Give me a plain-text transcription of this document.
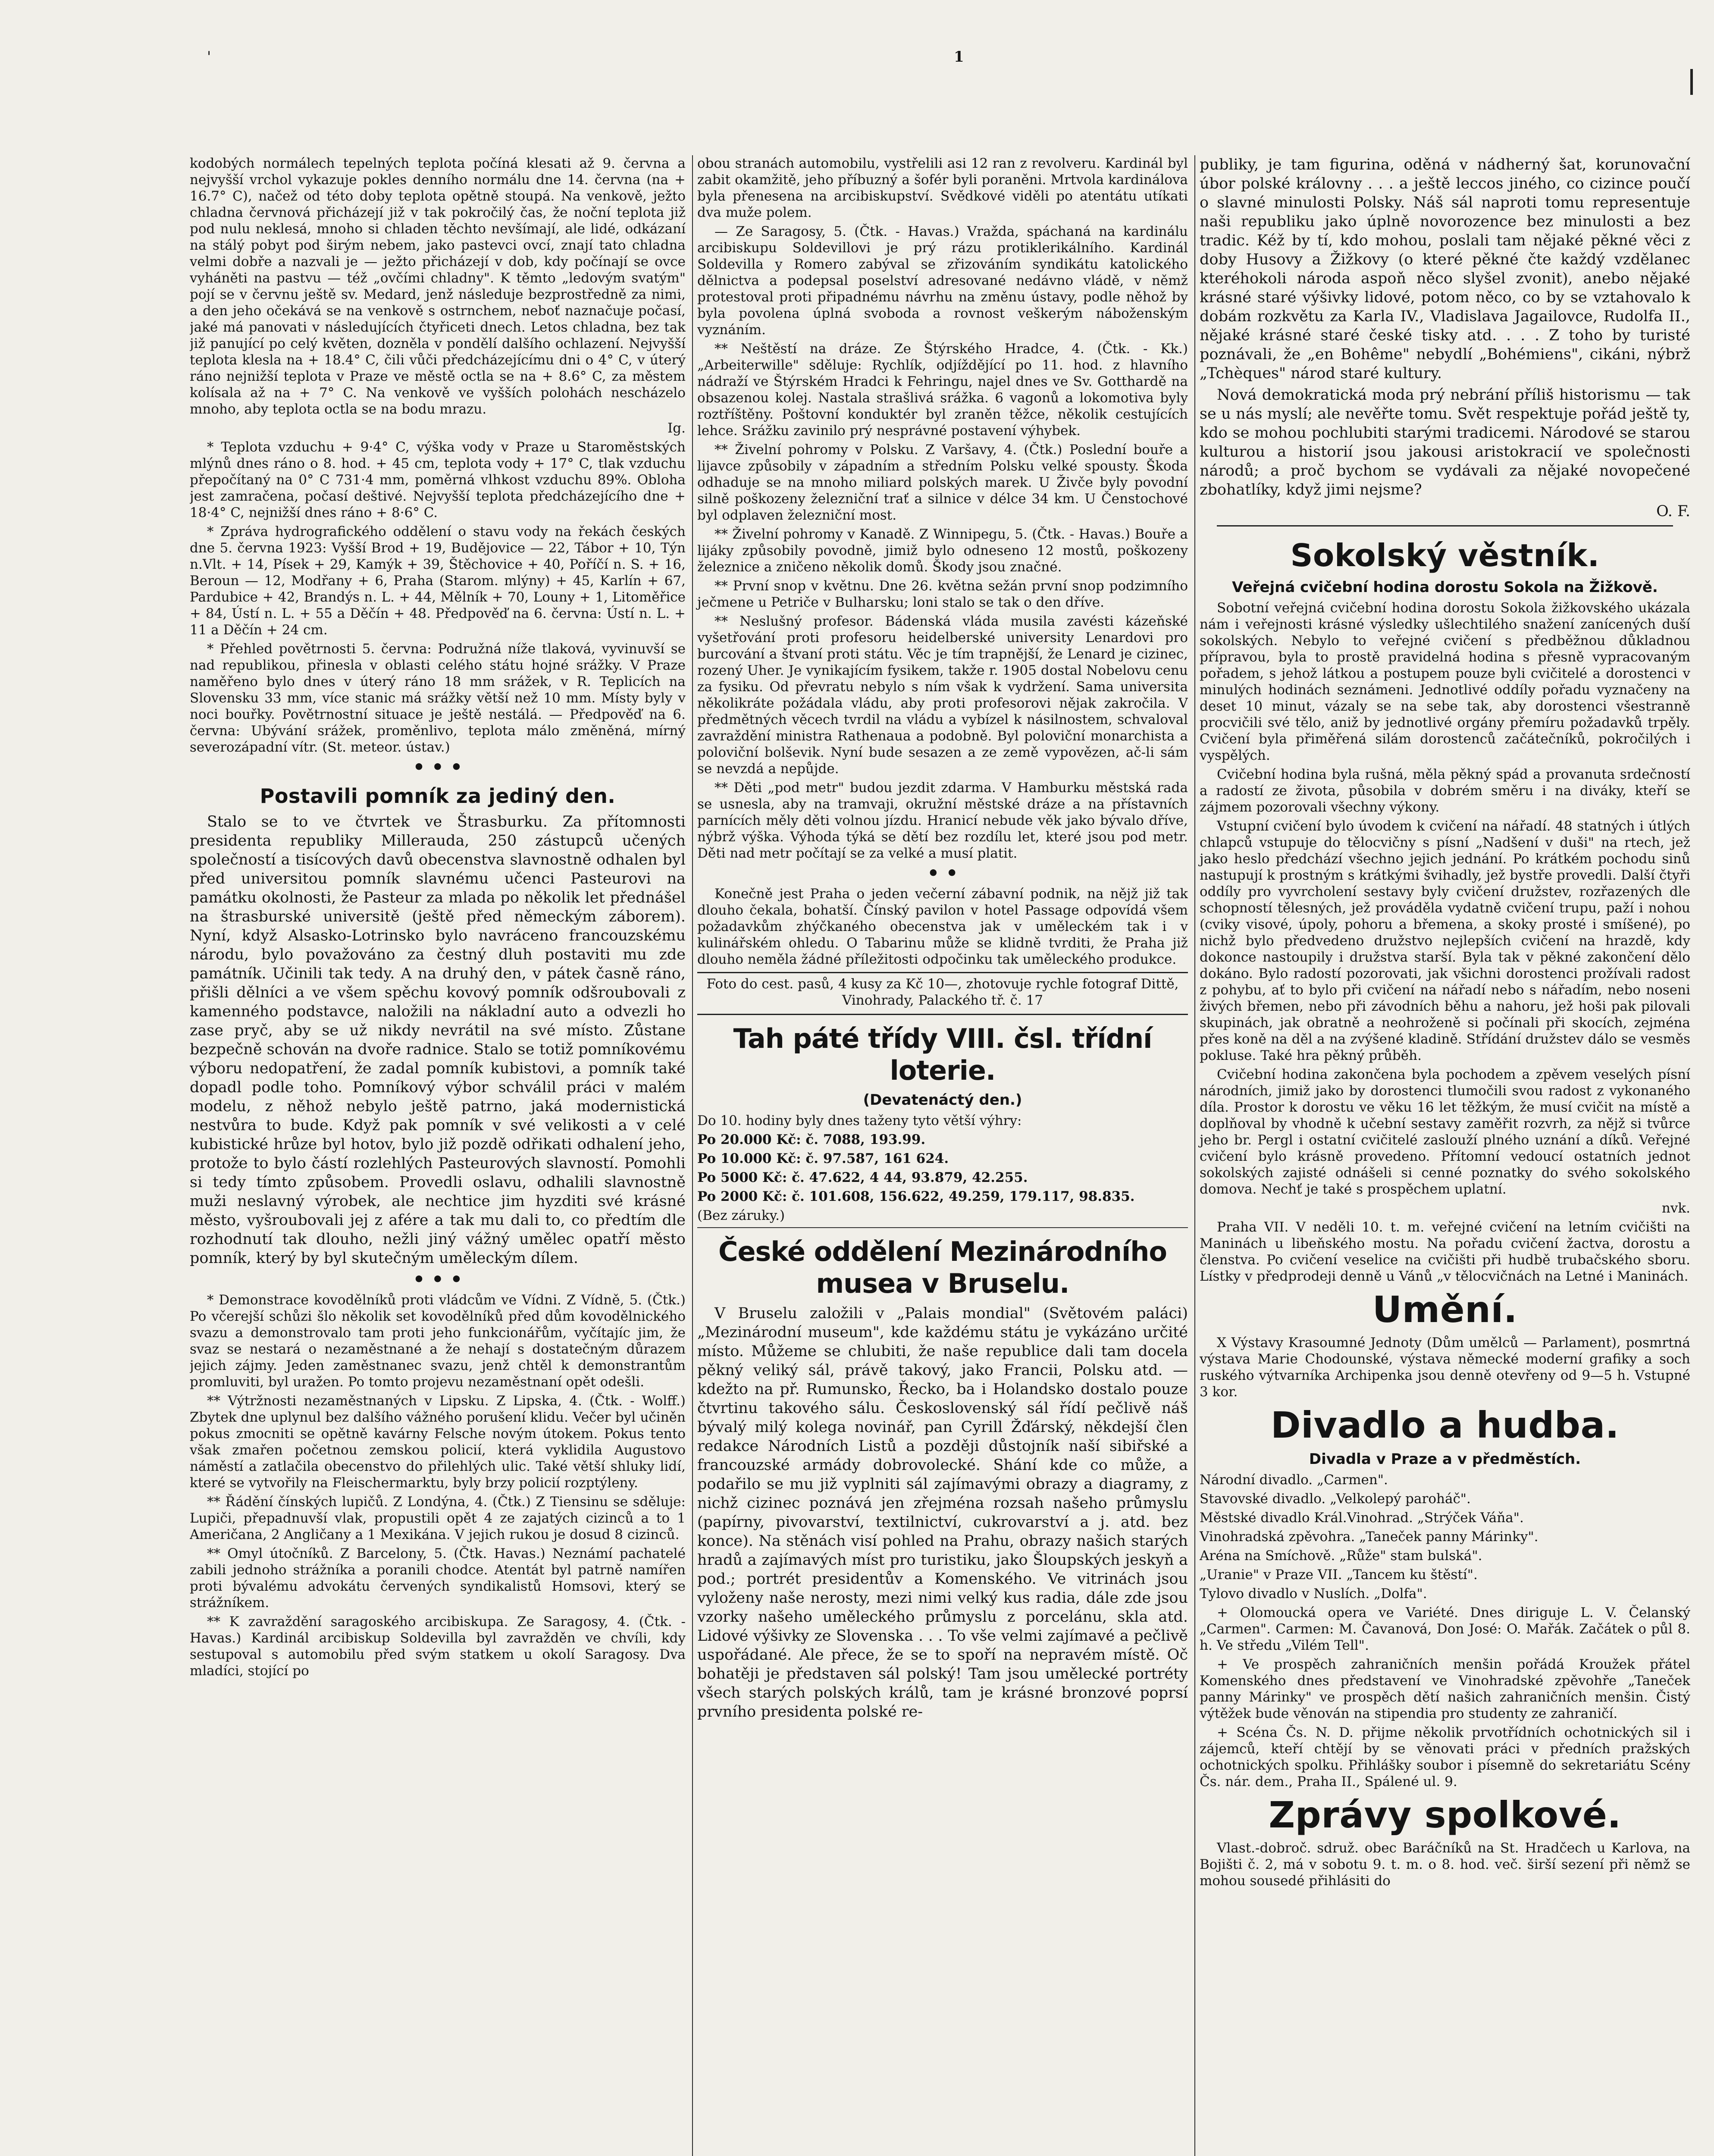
'	1

kodobých normálech tepelných teplota počíná klesati až 9. června a nejvyšší vrchol vykazuje pokles denního normálu dne 14. června (na + 16.7° C), načež od této doby teplota opětně stoupá. Na venkově, ježto chladna červnová přicházejí již v tak pokročilý čas, že noční teplota již pod nulu neklesá, mnoho si chladen těchto nevšímají, ale lidé, odkázaní na stálý pobyt pod širým nebem, jako pastevci ovcí, znají tato chladna velmi dobře a nazvali je — ježto přicházejí v dob, kdy počínají se ovce vyháněti na pastvu — též „ovčími chladny". K těmto „ledovým svatým" pojí se v červnu ještě sv. Medard, jenž následuje bezprostředně za nimi, a den jeho očekává se na venkově s ostrnchem, neboť naznačuje počasí, jaké má panovati v následujících čtyřiceti dnech. Letos chladna, bez tak již panující po celý květen, dozněla v pondělí dalšího ochlazení. Nejvyšší teplota klesla na + 18.4° C, čili vůči předcházejícímu dni o 4° C, v úterý ráno nejnižší teplota v Praze ve městě octla se na + 8.6° C, za městem kolísala až na + 7° C. Na venkově ve vyšších polohách nescházelo mnoho, aby teplota octla se na bodu mrazu.

Ig.

* Teplota vzduchu + 9·4° C, výška vody v Praze u Staroměstských mlýnů dnes ráno o 8. hod. + 45 cm, teplota vody + 17° C, tlak vzduchu přepočítaný na 0° C 731·4 mm, poměrná vlhkost vzduchu 89%. Obloha jest zamračena, počasí deštivé. Nejvyšší teplota předcházejícího dne + 18·4° C, nejnižší dnes ráno + 8·6° C.

* Zpráva hydrografického oddělení o stavu vody na řekách českých dne 5. června 1923: Vyšší Brod + 19, Budějovice — 22, Tábor + 10, Týn n.Vlt. + 14, Písek + 29, Kamýk + 39, Štěchovice + 40, Poříčí n. S. + 16, Beroun — 12, Modřany + 6, Praha (Starom. mlýny) + 45, Karlín + 67, Pardubice + 42, Brandýs n. L. + 44, Mělník + 70, Louny + 1, Litoměřice + 84, Ústí n. L. + 55 a Děčín + 48. Předpověď na 6. června: Ústí n. L. + 11 a Děčín + 24 cm.

* Přehled povětrnosti 5. června: Podružná níže tlaková, vyvinuvší se nad republikou, přinesla v oblasti celého státu hojné srážky. V Praze naměřeno bylo dnes v úterý ráno 18 mm srážek, v R. Teplicích na Slovensku 33 mm, více stanic má srážky větší než 10 mm. Místy byly v noci bouřky. Povětrnostní situace je ještě nestálá. — Předpověď na 6. června: Ubývání srážek, proměnlivo, teplota málo změněná, mírný severozápadní vítr. (St. meteor. ústav.)

• • •
Postavili pomník za jediný den.

Stalo se to ve čtvrtek ve Štrasburku. Za přítomnosti presidenta republiky Millerauda, 250 zástupců učených společností a tisícových davů obecenstva slavnostně odhalen byl před universitou pomník slavnému učenci Pasteurovi na památku okolnosti, že Pasteur za mlada po několik let přednášel na štrasburské universitě (ještě před německým záborem). Nyní, když Alsasko-Lotrinsko bylo navráceno francouzskému národu, bylo považováno za čestný dluh postaviti mu zde památník. Učinili tak tedy. A na druhý den, v pátek časně ráno, přišli dělníci a ve všem spěchu kovový pomník odšroubovali z kamenného podstavce, naložili na nákladní auto a odvezli ho zase pryč, aby se už nikdy nevrátil na své místo. Zůstane bezpečně schován na dvoře radnice. Stalo se totiž pomníkovému výboru nedopatření, že zadal pomník kubistovi, a pomník také dopadl podle toho. Pomníkový výbor schválil práci v malém modelu, z něhož nebylo ještě patrno, jaká modernistická nestvůra to bude. Když pak pomník v své velikosti a v celé kubistické hrůze byl hotov, bylo již pozdě odřikati odhalení jeho, protože to bylo částí rozlehlých Pasteurových slavností. Pomohli si tedy tímto způsobem. Provedli oslavu, odhalili slavnostně muži neslavný výrobek, ale nechtice jim hyzditi své krásné město, vyšroubovali jej z afére a tak mu dali to, co předtím dle rozhodnutí tak dlouho, nežli jiný vážný umělec opatří město pomník, který by byl skutečným uměleckým dílem.

• • •

* Demonstrace kovodělníků proti vládcům ve Vídni. Z Vídně, 5. (Čtk.) Po včerejší schůzi šlo několik set kovodělníků před dům kovodělnického svazu a demonstrovalo tam proti jeho funkcionářům, vyčítajíc jim, že svaz se nestará o nezaměstnané a že nehají s dostatečným důrazem jejich zájmy. Jeden zaměstnanec svazu, jenž chtěl k demonstrantům promluviti, byl uražen. Po tomto projevu nezaměstnaní opět odešli.

** Výtržnosti nezaměstnaných v Lipsku. Z Lipska, 4. (Čtk. - Wolff.) Zbytek dne uplynul bez dalšího vážného porušení klidu. Večer byl učiněn pokus zmocniti se opětně kavárny Felsche novým útokem. Pokus tento však zmařen početnou zemskou policií, která vyklidila Augustovo náměstí a zatlačila obecenstvo do přilehlých ulic. Také větší shluky lidí, které se vytvořily na Fleischermarktu, byly brzy policií rozptýleny.

** Řádění čínských lupičů. Z Londýna, 4. (Čtk.) Z Tiensinu se sděluje: Lupiči, přepadnuvší vlak, propustili opět 4 ze zajatých cizinců a to 1 Američana, 2 Angličany a 1 Mexikána. V jejich rukou je dosud 8 cizinců.

** Omyl útočníků. Z Barcelony, 5. (Čtk. Havas.) Neznámí pachatelé zabili jednoho strážníka a poranili chodce. Atentát byl patrně namířen proti bývalému advokátu červených syndikalistů Homsovi, který se strážníkem.

** K zavraždění saragoského arcibiskupa. Ze Saragosy, 4. (Čtk. - Havas.) Kardinál arcibiskup Soldevilla byl zavražděn ve chvíli, kdy sestupoval s automobilu před svým statkem u okolí Saragosy. Dva mladíci, stojící po

obou stranách automobilu, vystřelili asi 12 ran z revolveru. Kardinál byl zabit okamžitě, jeho příbuzný a šofér byli poraněni. Mrtvola kardinálova byla přenesena na arcibiskupství. Svědkové viděli po atentátu utíkati dva muže polem.

— Ze Saragosy, 5. (Čtk. - Havas.) Vražda, spáchaná na kardinálu arcibiskupu Soldevillovi je prý rázu protiklerikálního. Kardinál Soldevilla y Romero zabýval se zřizováním syndikátu katolického dělnictva a podepsal poselství adresované nedávno vládě, v němž protestoval proti připadnému návrhu na změnu ústavy, podle něhož by byla povolena úplná svoboda a rovnost veškerým náboženským vyznáním.

** Neštěstí na dráze. Ze Štýrského Hradce, 4. (Čtk. - Kk.) „Arbeiterwille" sděluje: Rychlík, odjíždějící po 11. hod. z hlavního nádraží ve Štýrském Hradci k Fehringu, najel dnes ve Sv. Gotthardě na obsazenou kolej. Nastala strašlivá srážka. 6 vagonů a lokomotiva byly roztříštěny. Poštovní konduktér byl zraněn těžce, několik cestujících lehce. Srážku zavinilo prý nesprávné postavení výhybek.

** Živelní pohromy v Polsku. Z Varšavy, 4. (Čtk.) Poslední bouře a lijavce způsobily v západním a středním Polsku velké spousty. Škoda odhaduje se na mnoho miliard polských marek. U Živče byly povodní silně poškozeny železniční trať a silnice v délce 34 km. U Čenstochové byl odplaven železniční most.

** Živelní pohromy v Kanadě. Z Winnipegu, 5. (Čtk. - Havas.) Bouře a lijáky způsobily povodně, jimiž bylo odneseno 12 mostů, poškozeny železnice a zničeno několik domů. Škody jsou značné.

** První snop v květnu. Dne 26. května sežán první snop podzimního ječmene u Petriče v Bulharsku; loni stalo se tak o den dříve.

** Neslušný profesor. Bádenská vláda musila zavésti kázeňské vyšetřování proti profesoru heidelberské university Lenardovi pro burcování a štvaní proti státu. Věc je tím trapnější, že Lenard je cizinec, rozený Uher. Je vynikajícím fysikem, takže r. 1905 dostal Nobelovu cenu za fysiku. Od převratu nebylo s ním však k vydržení. Sama universita několikráte požádala vládu, aby proti profesorovi nějak zakročila. V předmětných věcech tvrdil na vládu a vybízel k násilnostem, schvaloval zavraždění ministra Rathenaua a podobně. Byl poloviční monarchista a poloviční bolševik. Nyní bude sesazen a ze země vypovězen, ač-li sám se nevzdá a nepůjde.

** Děti „pod metr" budou jezdit zdarma. V Hamburku městská rada se usnesla, aby na tramvaji, okružní městské dráze a na přístavních parnících měly děti volnou jízdu. Hranicí nebude věk jako bývalo dříve, nýbrž výška. Výhoda týká se dětí bez rozdílu let, které jsou pod metr. Děti nad metr počítají se za velké a musí platit.

• •

Konečně jest Praha o jeden večerní zábavní podnik, na nějž již tak dlouho čekala, bohatší. Čínský pavilon v hotel Passage odpovídá všem požadavkům zhýčkaného obecenstva jak v uměleckém tak i v kulinářském ohledu. O Tabarinu může se klidně tvrditi, že Praha již dlouho neměla žádné příležitosti odpočinku tak uměleckého produkce.

Foto do cest. pasů, 4 kusy za Kč 10—, zhotovuje rychle fotograf Dittě, Vinohrady, Palackého tř. č. 17

Tah páté třídy VIII. čsl. třídní loterie.
(Devatenáctý den.)

Do 10. hodiny byly dnes taženy tyto větší výhry:

Po 20.000 Kč: č. 7088, 193.99.

Po 10.000 Kč: č. 97.587, 161 624.

Po 5000 Kč: č. 47.622, 4 44, 93.879, 42.255.

Po 2000 Kč: č. 101.608, 156.622, 49.259, 179.117, 98.835.

(Bez záruky.)

České oddělení Mezinárodního musea v Bruselu.

V Bruselu založili v „Palais mondial" (Světovém paláci) „Mezinárodní museum", kde každému státu je vykázáno určité místo. Můžeme se chlubiti, že naše republice dali tam docela pěkný veliký sál, právě takový, jako Francii, Polsku atd. — kdežto na př. Rumunsko, Řecko, ba i Holandsko dostalo pouze čtvrtinu takového sálu. Československý sál řídí pečlivě náš bývalý milý kolega novinář, pan Cyrill Žďárský, někdejší člen redakce Národních Listů a později důstojník naší sibiřské a francouzské armády dobrovolecké. Shání kde co může, a podařilo se mu již vyplniti sál zajímavými obrazy a diagramy, z nichž cizinec poznává jen zřejména rozsah našeho průmyslu (papírny, pivovarství, textilnictví, cukrovarství a j. atd. bez konce). Na stěnách visí pohled na Prahu, obrazy našich starých hradů a zajímavých míst pro turistiku, jako Šloupských jeskyň a pod.; portrét presidentův a Komenského. Ve vitrinách jsou vyloženy naše nerosty, mezi nimi velký kus radia, dále zde jsou vzorky našeho uměleckého průmyslu z porcelánu, skla atd. Lidové výšivky ze Slovenska . . . To vše velmi zajímavé a pečlivě uspořádané. Ale přece, že se to spoří na nepravém místě. Oč bohatěji je představen sál polský! Tam jsou umělecké portréty všech starých polských králů, tam je krásné bronzové poprsí prvního presidenta polské re-

publiky, je tam figurina, oděná v nádherný šat, korunovační úbor polské královny . . . a ještě leccos jiného, co cizince poučí o slavné minulosti Polsky. Náš sál naproti tomu representuje naši republiku jako úplně novorozence bez minulosti a bez tradic. Kéž by tí, kdo mohou, poslali tam nějaké pěkné věci z doby Husovy a Žižkovy (o které pěkné čte každý vzdělanec kteréhokoli národa aspoň něco slyšel zvonit), anebo nějaké krásné staré výšivky lidové, potom něco, co by se vztahovalo k dobám rozkvětu za Karla IV., Vladislava Jagailovce, Rudolfa II., nějaké krásné staré české tisky atd. . . . Z toho by turisté poznávali, že „en Bohême" nebydlí „Bohémiens", cikáni, nýbrž „Tchèques" národ staré kultury.

Nová demokratická moda prý nebrání příliš historismu — tak se u nás myslí; ale nevěřte tomu. Svět respektuje pořád ještě ty, kdo se mohou pochlubiti starými tradicemi. Národové se starou kulturou a historií jsou jakousi aristokracií ve společnosti národů; a proč bychom se vydávali za nějaké novopečené zbohatlíky, když jimi nejsme?

O. F.

Sokolský věstník.
Veřejná cvičební hodina dorostu Sokola na Žižkově.

Sobotní veřejná cvičební hodina dorostu Sokola žižkovského ukázala nám i veřejnosti krásné výsledky ušlechtilého snažení zanícených duší sokolských. Nebylo to veřejné cvičení s předběžnou důkladnou přípravou, byla to prostě pravidelná hodina s přesně vypracovaným pořadem, s jehož látkou a postupem pouze byli cvičitelé a dorostenci v minulých hodinách seznámeni. Jednotlivé oddíly pořadu vyznačeny na deset 10 minut, vázaly se na sebe tak, aby dorostenci všestranně procvičili své tělo, aniž by jednotlivé orgány přemíru požadavků trpěly. Cvičení byla přiměřená silám dorostenců začátečníků, pokročilých i vyspělých.

Cvičební hodina byla rušná, měla pěkný spád a provanuta srdečností a radostí ze života, působila v dobrém směru i na diváky, kteří se zájmem pozorovali všechny výkony.

Vstupní cvičení bylo úvodem k cvičení na nářadí. 48 statných i útlých chlapců vstupuje do tělocvičny s písní „Nadšení v duši" na rtech, jež jako heslo předchází všechno jejich jednání. Po krátkém pochodu sinů nastupují k prostným s krátkými švihadly, jež bystře provedli. Další čtyři oddíly pro vyvrcholení sestavy byly cvičení družstev, rozřazených dle schopností tělesných, jež prováděla vydatně cvičení trupu, paží i nohou (cviky visové, úpoly, pohoru a břemena, a skoky prosté i smíšené), po nichž bylo předvedeno družstvo nejlepších cvičení na hrazdě, kdy dokonce nastoupily i družstva starší. Byla tak v pěkné zakončení dělo dokáno. Bylo radostí pozorovati, jak všichni dorostenci prožívali radost z pohybu, ať to bylo při cvičení na nářadí nebo s nářadím, nebo noseni živých břemen, nebo při závodních běhu a nahoru, jež hoši pak pilovali skupinách, jak obratně a neohroženě si počínali při skocích, zejména přes koně na děl a na zvýšené kladině. Střídání družstev dálo se vesměs pokluse. Také hra pěkný průběh.

Cvičební hodina zakončena byla pochodem a zpěvem veselých písní národních, jimiž jako by dorostenci tlumočili svou radost z vykonaného díla. Prostor k dorostu ve věku 16 let těžkým, že musí cvičit na místě a doplňoval by vhodně k učební sestavy zaměřit rozvrh, za nějž si tvůrce jeho br. Pergl i ostatní cvičitelé zaslouží plného uznání a díků. Veřejné cvičení bylo krásně provedeno. Přítomní vedoucí ostatních jednot sokolských zajisté odnášeli si cenné poznatky do svého sokolského domova. Nechť je také s prospěchem uplatní.

nvk.

Praha VII. V neděli 10. t. m. veřejné cvičení na letním cvičišti na Maninách u libeňského mostu. Na pořadu cvičení žactva, dorostu a členstva. Po cvičení veselice na cvičišti při hudbě trubačského sboru. Lístky v předprodeji denně u Vánů „v tělocvičnách na Letné i Maninách.

Umění.

X Výstavy Krasoumné Jednoty (Dům umělců — Parlament), posmrtná výstava Marie Chodounské, výstava německé moderní grafiky a soch ruského výtvarníka Archipenka jsou denně otevřeny od 9—5 h. Vstupné 3 kor.

Divadlo a hudba.
Divadla v Praze a v předměstích.

Národní divadlo. „Carmen".

Stavovské divadlo. „Velkolepý paroháč".

Městské divadlo Král.Vinohrad. „Strýček Váňa".

Vinohradská zpěvohra. „Taneček panny Márinky".

Aréna na Smíchově. „Růže" stam bulská".

„Uranie" v Praze VII. „Tancem ku štěstí".

Tylovo divadlo v Nuslích. „Dolfa".

+ Olomoucká opera ve Variété. Dnes diriguje L. V. Čelanský „Carmen". Carmen: M. Čavanová, Don José: O. Mařák. Začátek o půl 8. h. Ve středu „Vilém Tell".

+ Ve prospěch zahraničních menšin pořádá Kroužek přátel Komenského dnes představení ve Vinohradské zpěvohře „Taneček panny Márinky" ve prospěch dětí našich zahraničních menšin. Čistý výtěžek bude věnován na stipendia pro studenty ze zahraničí.

+ Scéna Čs. N. D. přijme několik prvotřídních ochotnických sil i zájemců, kteří chtějí by se věnovati práci v předních pražských ochotnických spolku. Přihlášky soubor i písemně do sekretariátu Scény Čs. nár. dem., Praha II., Spálené ul. 9.

Zprávy spolkové.

Vlast.-dobroč. sdruž. obec Baráčníků na St. Hradčech u Karlova, na Bojišti č. 2, má v sobotu 9. t. m. o 8. hod. več. širší sezení při němž se mohou sousedé přihlásiti do
